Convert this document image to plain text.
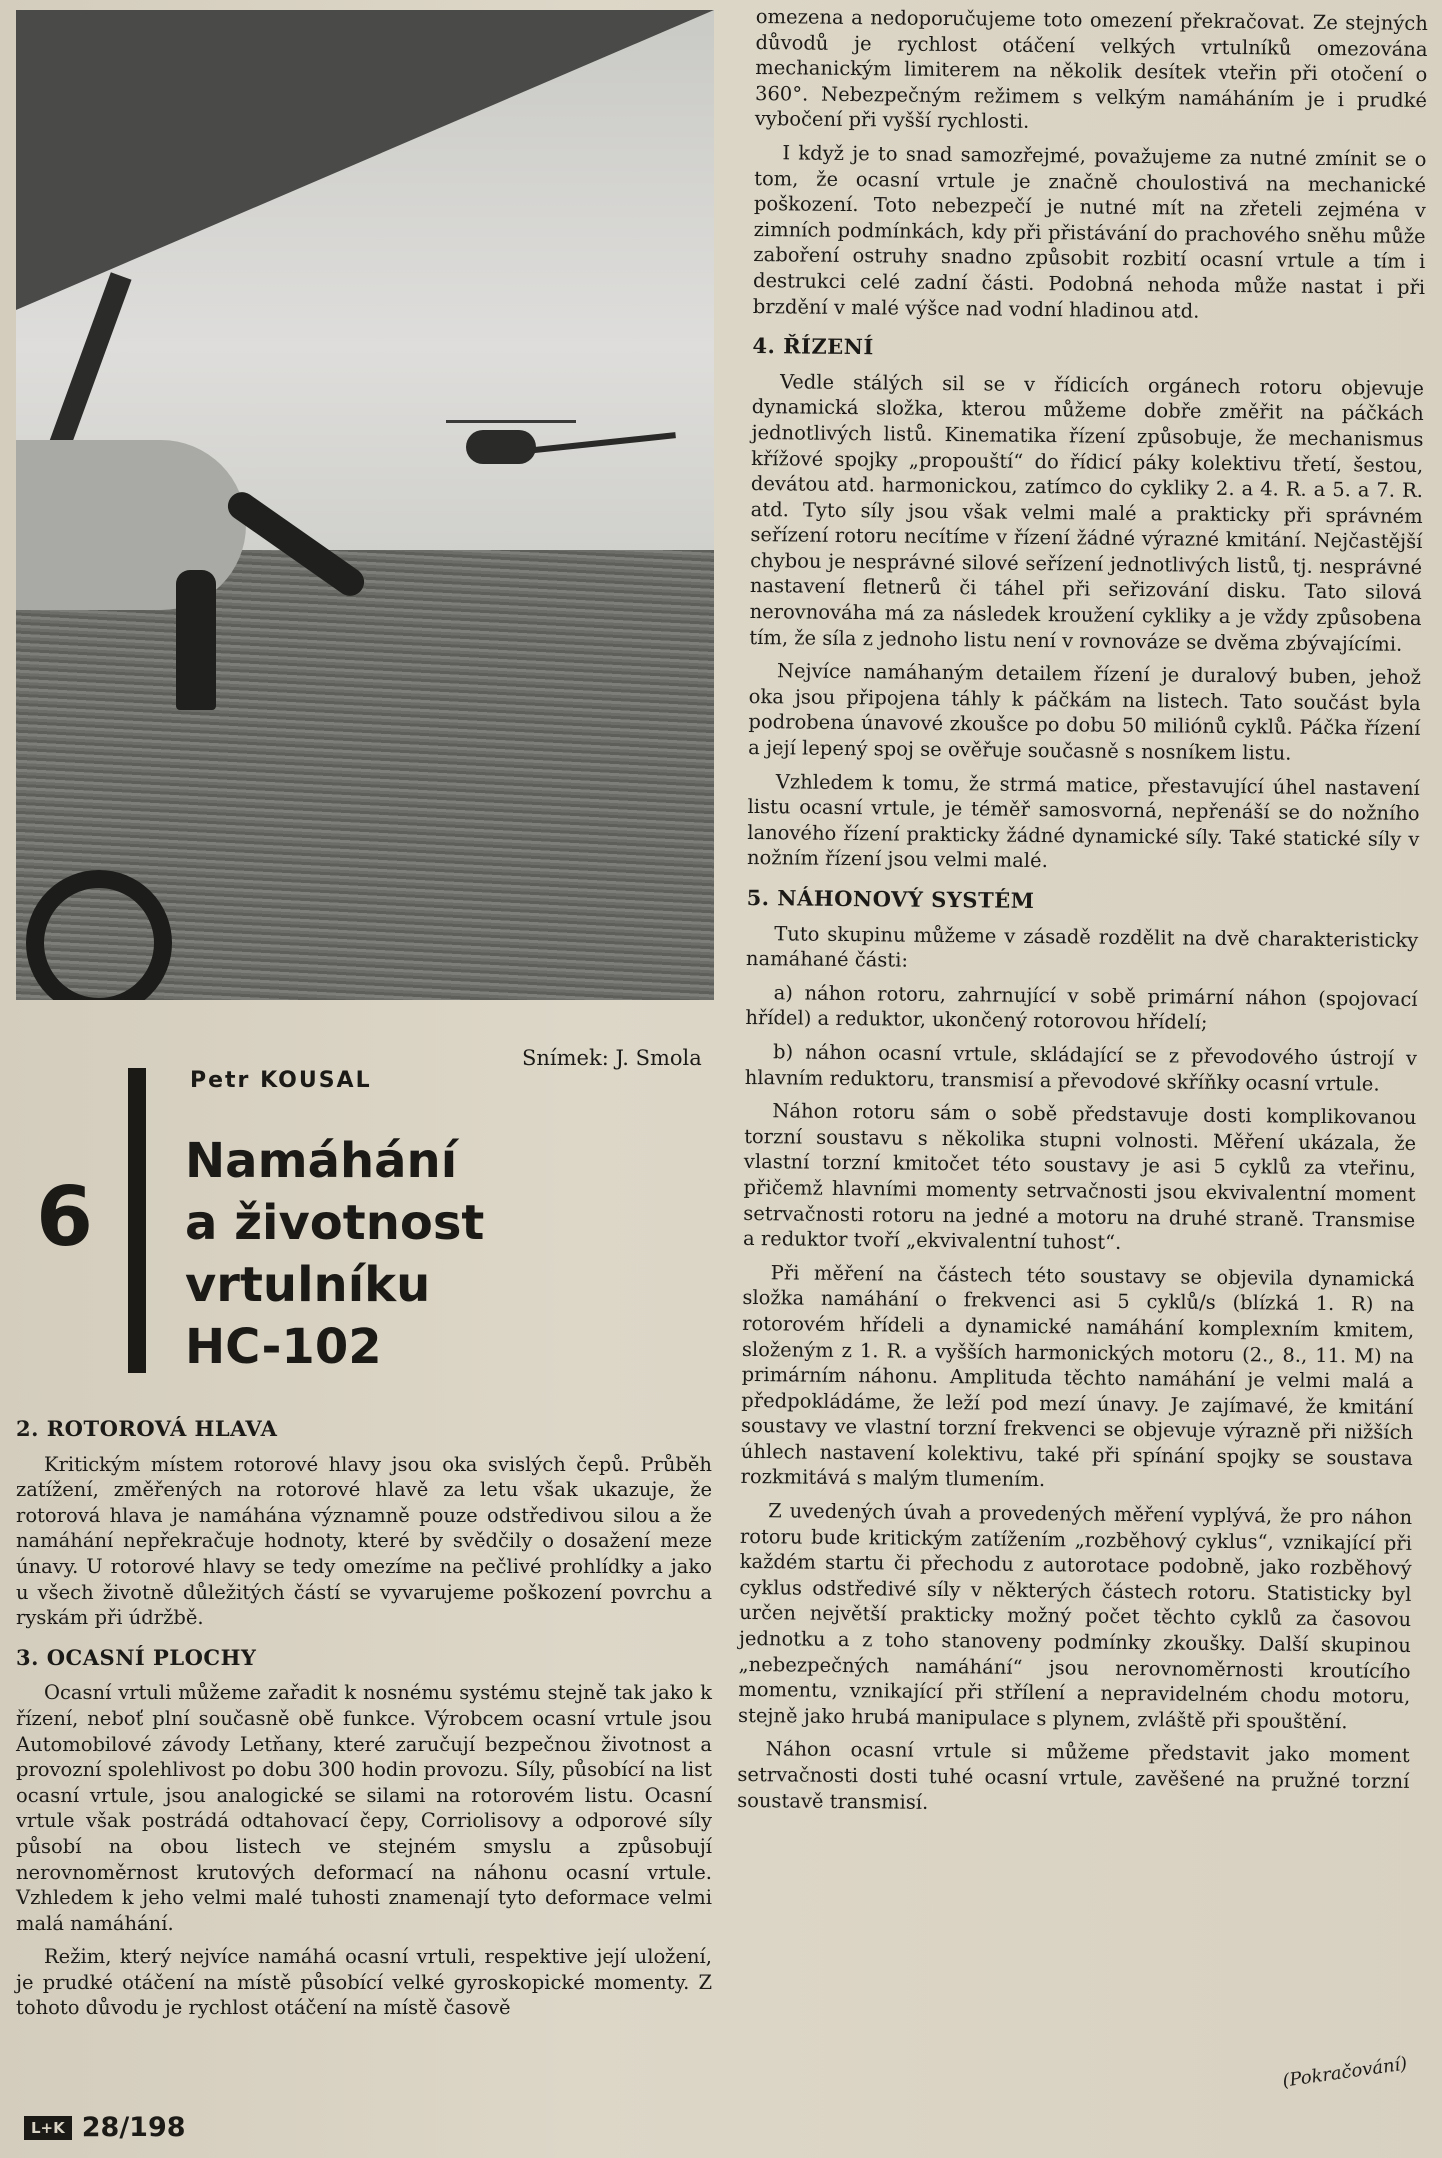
Snímek: J. Smola
Petr KOUSAL
6
Namáhání
a životnost
vrtulníku
HC-102
2. ROTOROVÁ HLAVA

Kritickým místem rotorové hlavy jsou oka svislých čepů. Průběh zatížení, změřených na rotorové hlavě za letu však ukazuje, že rotorová hlava je namáhána významně pouze odstředivou silou a že namáhání nepřekračuje hodnoty, které by svědčily o dosažení meze únavy. U rotorové hlavy se tedy omezíme na pečlivé prohlídky a jako u všech životně důležitých částí se vyvarujeme poškození povrchu a ryskám při údržbě.

3. OCASNÍ PLOCHY

Ocasní vrtuli můžeme zařadit k nosnému systému stejně tak jako k řízení, neboť plní současně obě funkce. Výrobcem ocasní vrtule jsou Automobilové závody Letňany, které zaručují bezpečnou životnost a provozní spolehlivost po dobu 300 hodin provozu. Síly, působící na list ocasní vrtule, jsou analogické se silami na rotorovém listu. Ocasní vrtule však postrádá odtahovací čepy, Corriolisovy a odporové síly působí na obou listech ve stejném smyslu a způsobují nerovnoměrnost krutových deformací na náhonu ocasní vrtule. Vzhledem k jeho velmi malé tuhosti znamenají tyto deformace velmi malá namáhání.

Režim, který nejvíce namáhá ocasní vrtuli, respektive její uložení, je prudké otáčení na místě působící velké gyroskopické momenty. Z tohoto důvodu je rychlost otáčení na místě časově

omezena a nedoporučujeme toto omezení překračovat. Ze stejných důvodů je rychlost otáčení velkých vrtulníků omezována mechanickým limiterem na několik desítek vteřin při otočení o 360°. Nebezpečným režimem s velkým namáháním je i prudké vybočení při vyšší rychlosti.

I když je to snad samozřejmé, považujeme za nutné zmínit se o tom, že ocasní vrtule je značně choulostivá na mechanické poškození. Toto nebezpečí je nutné mít na zřeteli zejména v zimních podmínkách, kdy při přistávání do prachového sněhu může zaboření ostruhy snadno způsobit rozbití ocasní vrtule a tím i destrukci celé zadní části. Podobná nehoda může nastat i při brzdění v malé výšce nad vodní hladinou atd.

4. ŘÍZENÍ

Vedle stálých sil se v řídicích orgánech rotoru objevuje dynamická složka, kterou můžeme dobře změřit na páčkách jednotlivých listů. Kinematika řízení způsobuje, že mechanismus křížové spojky „propouští“ do řídicí páky kolektivu třetí, šestou, devátou atd. harmonickou, zatímco do cykliky 2. a 4. R. a 5. a 7. R. atd. Tyto síly jsou však velmi malé a prakticky při správném seřízení rotoru necítíme v řízení žádné výrazné kmitání. Nejčastější chybou je nesprávné silové seřízení jednotlivých listů, tj. nesprávné nastavení fletnerů či táhel při seřizování disku. Tato silová nerovnováha má za následek kroužení cykliky a je vždy způsobena tím, že síla z jednoho listu není v rovnováze se dvěma zbývajícími.

Nejvíce namáhaným detailem řízení je duralový buben, jehož oka jsou připojena táhly k páčkám na listech. Tato součást byla podrobena únavové zkoušce po dobu 50 miliónů cyklů. Páčka řízení a její lepený spoj se ověřuje současně s nosníkem listu.

Vzhledem k tomu, že strmá matice, přestavující úhel nastavení listu ocasní vrtule, je téměř samosvorná, nepřenáší se do nožního lanového řízení prakticky žádné dynamické síly. Také statické síly v nožním řízení jsou velmi malé.

5. NÁHONOVÝ SYSTÉM

Tuto skupinu můžeme v zásadě rozdělit na dvě charakteristicky namáhané části:

a) náhon rotoru, zahrnující v sobě primární náhon (spojovací hřídel) a reduktor, ukončený rotorovou hřídelí;

b) náhon ocasní vrtule, skládající se z převodového ústrojí v hlavním reduktoru, transmisí a převodové skříňky ocasní vrtule.

Náhon rotoru sám o sobě představuje dosti komplikovanou torzní soustavu s několika stupni volnosti. Měření ukázala, že vlastní torzní kmitočet této soustavy je asi 5 cyklů za vteřinu, přičemž hlavními momenty setrvačnosti jsou ekvivalentní moment setrvačnosti rotoru na jedné a motoru na druhé straně. Transmise a reduktor tvoří „ekvivalentní tuhost“.

Při měření na částech této soustavy se objevila dynamická složka namáhání o frekvenci asi 5 cyklů/s (blízká 1. R) na rotorovém hřídeli a dynamické namáhání komplexním kmitem, složeným z 1. R. a vyšších harmonických motoru (2., 8., 11. M) na primárním náhonu. Amplituda těchto namáhání je velmi malá a předpokládáme, že leží pod mezí únavy. Je zajímavé, že kmitání soustavy ve vlastní torzní frekvenci se objevuje výrazně při nižších úhlech nastavení kolektivu, také při spínání spojky se soustava rozkmitává s malým tlumením.

Z uvedených úvah a provedených měření vyplývá, že pro náhon rotoru bude kritickým zatížením „rozběhový cyklus“, vznikající při každém startu či přechodu z autorotace podobně, jako rozběhový cyklus odstředivé síly v některých částech rotoru. Statisticky byl určen největší prakticky možný počet těchto cyklů za časovou jednotku a z toho stanoveny podmínky zkoušky. Další skupinou „nebezpečných namáhání“ jsou nerovnoměrnosti kroutícího momentu, vznikající při střílení a nepravidelném chodu motoru, stejně jako hrubá manipulace s plynem, zvláště při spouštění.

Náhon ocasní vrtule si můžeme představit jako moment setrvačnosti dosti tuhé ocasní vrtule, zavěšené na pružné torzní soustavě transmisí.

(Pokračování)
L+K 28/198
